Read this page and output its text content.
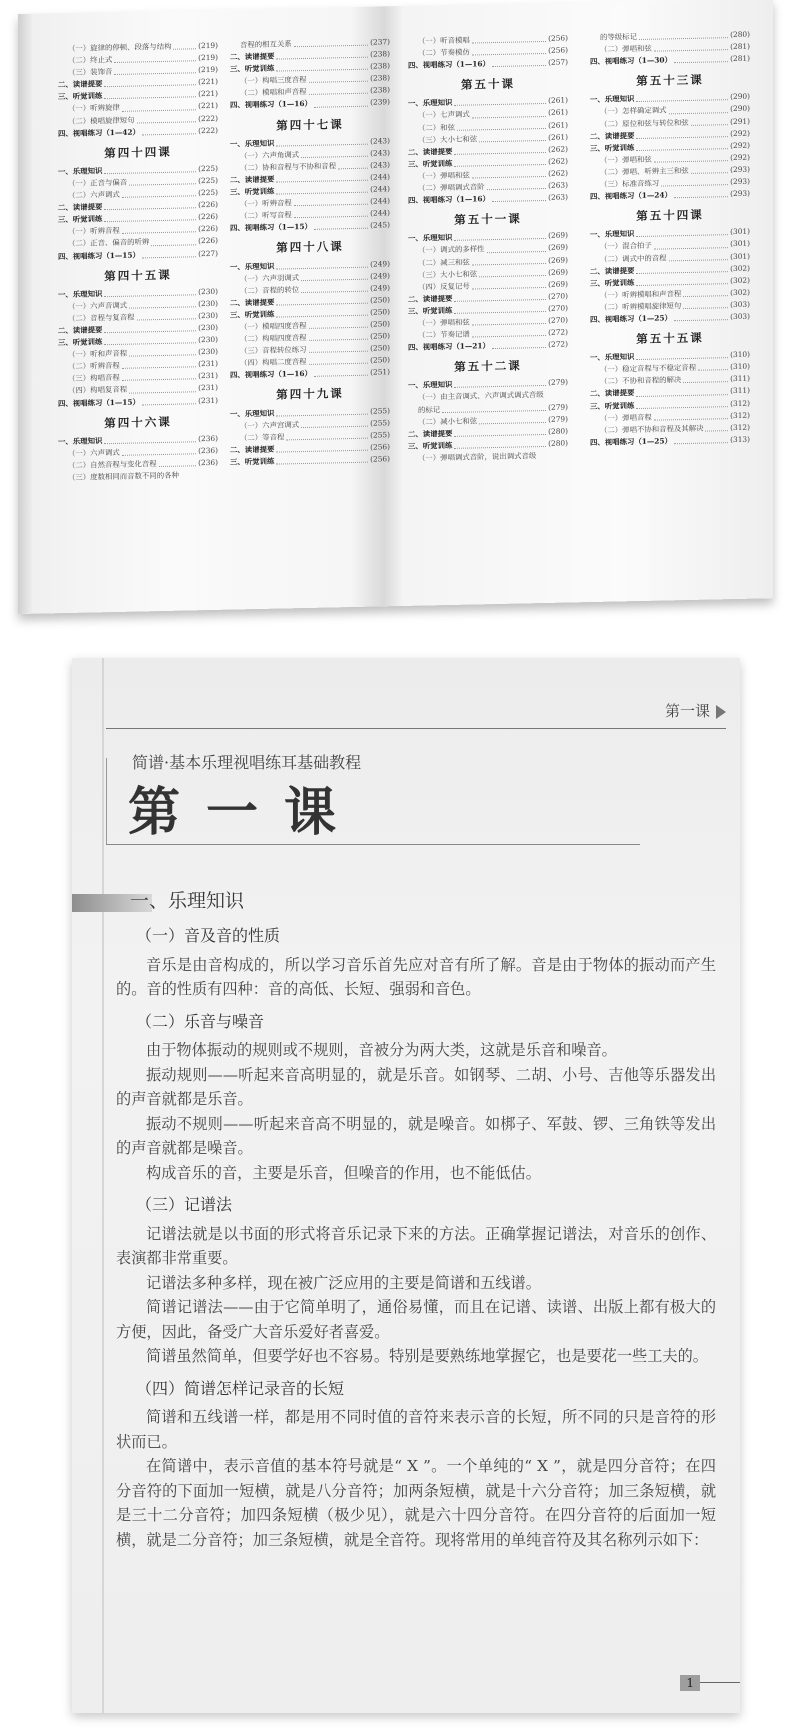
（一）旋律的停顿、段落与结构	(219)
（二）终止式	(219)
（三）装饰音	(219)
二、读谱提要	(221)
三、听觉训练	(221)
（一）听辨旋律	(221)
（二）模唱旋律短句	(222)
四、视唱练习（1—42）	(222)
第四十四课
一、乐理知识	(225)
（一）正音与偏音	(225)
（二）六声调式	(225)
二、读谱提要	(226)
三、听觉训练	(226)
（一）听辨音程	(226)
（二）正音、偏音的听辨	(226)
四、视唱练习（1—15）	(227)
第四十五课
一、乐理知识	(230)
（一）六声音调式	(230)
（二）音程与复音程	(230)
二、读谱提要	(230)
三、听觉训练	(230)
（一）听和声音程	(230)
（二）听辨音程	(231)
（三）构唱音程	(231)
（四）构唱复音程	(231)
四、视唱练习（1—15）	(231)
第四十六课
一、乐理知识	(236)
（一）六声调式	(236)
（二）自然音程与变化音程	(236)
（三）度数相同而音数不同的各种
音程的相互关系	(237)
二、读谱提要	(238)
三、听觉训练	(238)
（一）构唱三度音程	(238)
（二）模唱和声音程	(238)
四、视唱练习（1—16）	(239)
第四十七课
一、乐理知识	(243)
（一）六声角调式	(243)
（二）协和音程与不协和音程	(243)
二、读谱提要	(244)
三、听觉训练	(244)
（一）听辨音程	(244)
（二）听写音程	(244)
四、视唱练习（1—15）	(245)
第四十八课
一、乐理知识	(249)
（一）六声羽调式	(249)
（二）音程的转位	(249)
二、读谱提要	(250)
三、听觉训练	(250)
（一）模唱四度音程	(250)
（二）构唱四度音程	(250)
（三）音程转位练习	(250)
（四）构唱二度音程	(250)
四、视唱练习（1—16）	(251)
第四十九课
一、乐理知识	(255)
（一）六声宫调式	(255)
（二）等音程	(255)
二、读谱提要	(256)
三、听觉训练	(256)
（一）听音模唱	(256)
（二）节奏模仿	(256)
四、视唱练习（1—16）	(257)
第五十课
一、乐理知识	(261)
（一）七声调式	(261)
（二）和弦	(261)
（三）大小七和弦	(261)
二、读谱提要	(262)
三、听觉训练	(262)
（一）弹唱和弦	(262)
（二）弹唱调式音阶	(263)
四、视唱练习（1—16）	(263)
第五十一课
一、乐理知识	(269)
（一）调式的多样性	(269)
（二）减三和弦	(269)
（三）大小七和弦	(269)
（四）反复记号	(269)
二、读谱提要	(270)
三、听觉训练	(270)
（一）弹唱和弦	(270)
（二）节奏记谱	(272)
四、视唱练习（1—21）	(272)
第五十二课
一、乐理知识	(279)
（一）由主音调式、六声调式调式音级
的标记	(279)
（二）减小七和弦	(279)
二、读谱提要	(280)
三、听觉训练	(280)
（一）弹唱调式音阶，说出调式音级
的等级标记	(280)
（二）弹唱和弦	(281)
四、视唱练习（1—30）	(281)
第五十三课
一、乐理知识	(290)
（一）怎样确定调式	(290)
（二）原位和弦与转位和弦	(291)
二、读谱提要	(292)
三、听觉训练	(292)
（一）弹唱和弦	(292)
（二）弹唱、听辨主三和弦	(293)
（三）标准音练习	(293)
四、视唱练习（1—24）	(293)
第五十四课
一、乐理知识	(301)
（一）混合拍子	(301)
（二）调式中的音程	(301)
二、读谱提要	(302)
三、听觉训练	(302)
（一）听辨模唱和声音程	(302)
（二）听辨模唱旋律短句	(303)
四、视唱练习（1—25）	(303)
第五十五课
一、乐理知识	(310)
（一）稳定音程与不稳定音程	(310)
（二）不协和音程的解决	(311)
二、读谱提要	(311)
三、听觉训练	(312)
（一）弹唱音程	(312)
（二）弹唱不协和音程及其解决	(312)
四、视唱练习（1—25）	(313)
第一课
简谱·基本乐理视唱练耳基础教程
第一课
一、乐理知识
（一）音及音的性质

音乐是由音构成的，所以学习音乐首先应对音有所了解。音是由于物体的振动而产生的。音的性质有四种：音的高低、长短、强弱和音色。

（二）乐音与噪音

由于物体振动的规则或不规则，音被分为两大类，这就是乐音和噪音。

振动规则——听起来音高明显的，就是乐音。如钢琴、二胡、小号、吉他等乐器发出的声音就都是乐音。

振动不规则——听起来音高不明显的，就是噪音。如梆子、军鼓、锣、三角铁等发出的声音就都是噪音。

构成音乐的音，主要是乐音，但噪音的作用，也不能低估。

（三）记谱法

记谱法就是以书面的形式将音乐记录下来的方法。正确掌握记谱法，对音乐的创作、表演都非常重要。

记谱法多种多样，现在被广泛应用的主要是简谱和五线谱。

简谱记谱法——由于它简单明了，通俗易懂，而且在记谱、读谱、出版上都有极大的方便，因此，备受广大音乐爱好者喜爱。

简谱虽然简单，但要学好也不容易。特别是要熟练地掌握它，也是要花一些工夫的。

（四）简谱怎样记录音的长短

简谱和五线谱一样，都是用不同时值的音符来表示音的长短，所不同的只是音符的形状而已。

在简谱中，表示音值的基本符号就是“ X ”。一个单纯的“ X ”，就是四分音符；在四分音符的下面加一短横，就是八分音符；加两条短横，就是十六分音符；加三条短横，就是三十二分音符；加四条短横（极少见），就是六十四分音符。在四分音符的后面加一短横，就是二分音符；加三条短横，就是全音符。现将常用的单纯音符及其名称列示如下：

1
